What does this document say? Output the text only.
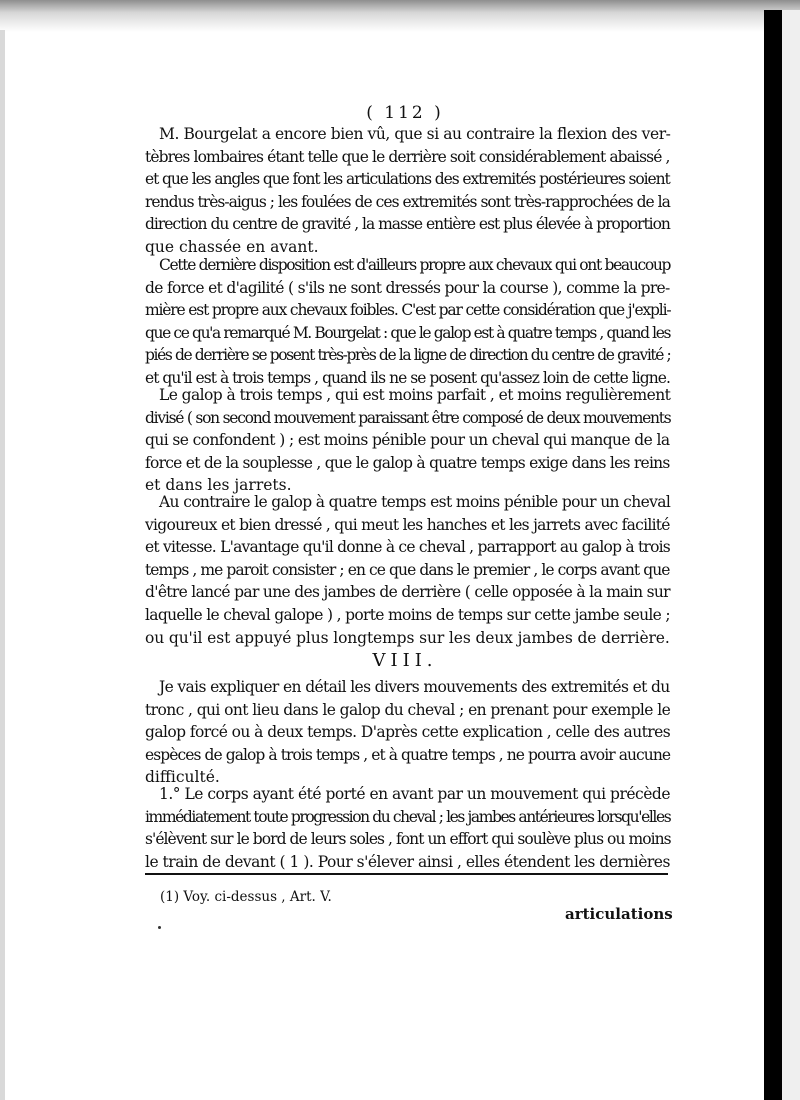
( 112 )
M. Bourgelat a encore bien vû, que si au contraire la flexion des ver-
tèbres lombaires étant telle que le derrière soit considérablement abaissé ,
et que les angles que font les articulations des extremités postérieures soient
rendus très-aigus ; les foulées de ces extremités sont très-rapprochées de la
direction du centre de gravité , la masse entière est plus élevée à proportion
que chassée en avant.
Cette dernière disposition est d'ailleurs propre aux chevaux qui ont beaucoup
de force et d'agilité ( s'ils ne sont dressés pour la course ), comme la pre-
mière est propre aux chevaux foibles. C'est par cette considération que j'expli-
que ce qu'a remarqué M. Bourgelat : que le galop est à quatre temps , quand les
piés de derrière se posent très-près de la ligne de direction du centre de gravité ;
et qu'il est à trois temps , quand ils ne se posent qu'assez loin de cette ligne.
Le galop à trois temps , qui est moins parfait , et moins regulièrement
divisé ( son second mouvement paraissant être composé de deux mouvements
qui se confondent ) ; est moins pénible pour un cheval qui manque de la
force et de la souplesse , que le galop à quatre temps exige dans les reins
et dans les jarrets.
Au contraire le galop à quatre temps est moins pénible pour un cheval
vigoureux et bien dressé , qui meut les hanches et les jarrets avec facilité
et vitesse. L'avantage qu'il donne à ce cheval , parrapport au galop à trois
temps , me paroit consister ; en ce que dans le premier , le corps avant que
d'être lancé par une des jambes de derrière ( celle opposée à la main sur
laquelle le cheval galope ) , porte moins de temps sur cette jambe seule ;
ou qu'il est appuyé plus longtemps sur les deux jambes de derrière.
VIII.
Je vais expliquer en détail les divers mouvements des extremités et du
tronc , qui ont lieu dans le galop du cheval ; en prenant pour exemple le
galop forcé ou à deux temps. D'après cette explication , celle des autres
espèces de galop à trois temps , et à quatre temps , ne pourra avoir aucune
difficulté.
1.° Le corps ayant été porté en avant par un mouvement qui précède
immédiatement toute progression du cheval ; les jambes antérieures lorsqu'elles
s'élèvent sur le bord de leurs soles , font un effort qui soulève plus ou moins
le train de devant ( 1 ). Pour s'élever ainsi , elles étendent les dernières
(1) Voy. ci-dessus , Art. V.
articulations
